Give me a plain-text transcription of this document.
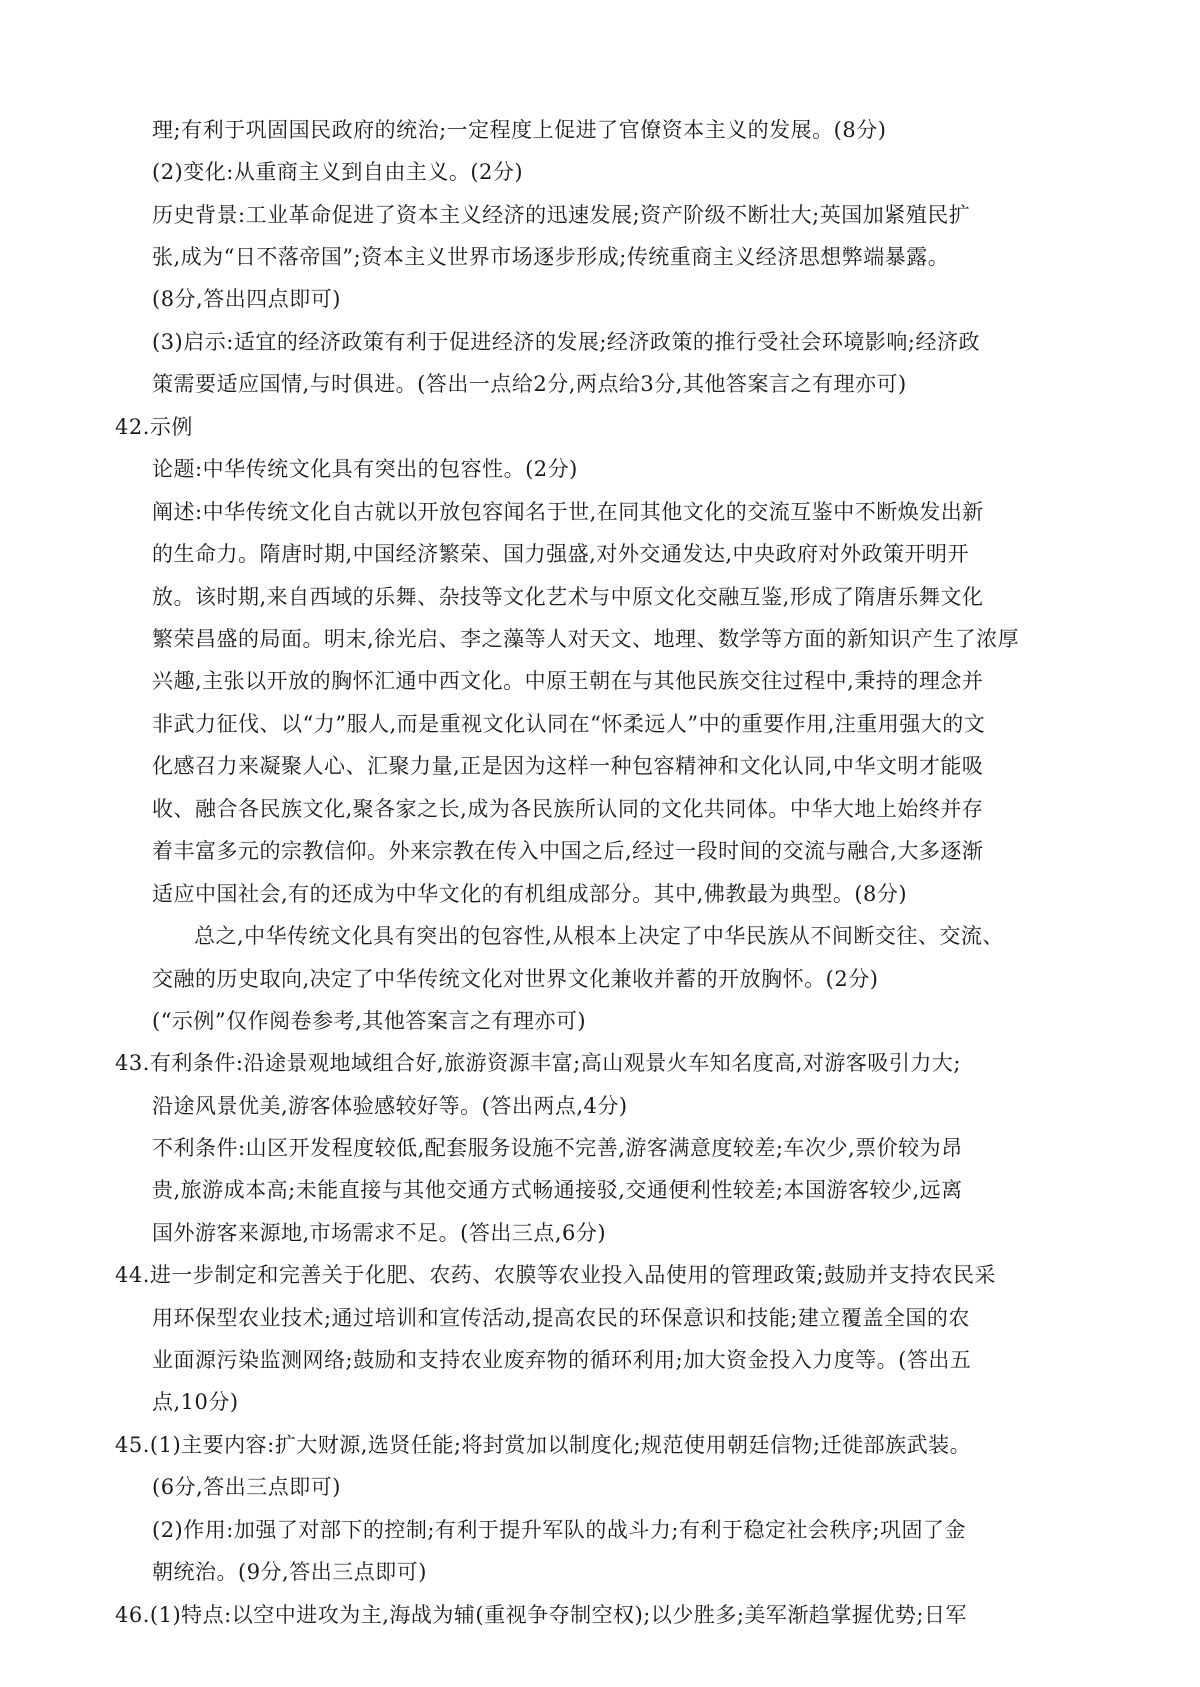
理;有利于巩固国民政府的统治;一定程度上促进了官僚资本主义的发展。(8分)
(2)变化:从重商主义到自由主义。(2分)
历史背景:工业革命促进了资本主义经济的迅速发展;资产阶级不断壮大;英国加紧殖民扩
张,成为“日不落帝国”;资本主义世界市场逐步形成;传统重商主义经济思想弊端暴露。
(8分,答出四点即可)
(3)启示:适宜的经济政策有利于促进经济的发展;经济政策的推行受社会环境影响;经济政
策需要适应国情,与时俱进。(答出一点给2分,两点给3分,其他答案言之有理亦可)
42.示例
论题:中华传统文化具有突出的包容性。(2分)
阐述:中华传统文化自古就以开放包容闻名于世,在同其他文化的交流互鉴中不断焕发出新
的生命力。隋唐时期,中国经济繁荣、国力强盛,对外交通发达,中央政府对外政策开明开
放。该时期,来自西域的乐舞、杂技等文化艺术与中原文化交融互鉴,形成了隋唐乐舞文化
繁荣昌盛的局面。明末,徐光启、李之藻等人对天文、地理、数学等方面的新知识产生了浓厚
兴趣,主张以开放的胸怀汇通中西文化。中原王朝在与其他民族交往过程中,秉持的理念并
非武力征伐、以“力”服人,而是重视文化认同在“怀柔远人”中的重要作用,注重用强大的文
化感召力来凝聚人心、汇聚力量,正是因为这样一种包容精神和文化认同,中华文明才能吸
收、融合各民族文化,聚各家之长,成为各民族所认同的文化共同体。中华大地上始终并存
着丰富多元的宗教信仰。外来宗教在传入中国之后,经过一段时间的交流与融合,大多逐渐
适应中国社会,有的还成为中华文化的有机组成部分。其中,佛教最为典型。(8分)
总之,中华传统文化具有突出的包容性,从根本上决定了中华民族从不间断交往、交流、
交融的历史取向,决定了中华传统文化对世界文化兼收并蓄的开放胸怀。(2分)
(“示例”仅作阅卷参考,其他答案言之有理亦可)
43.有利条件:沿途景观地域组合好,旅游资源丰富;高山观景火车知名度高,对游客吸引力大;
沿途风景优美,游客体验感较好等。(答出两点,4分)
不利条件:山区开发程度较低,配套服务设施不完善,游客满意度较差;车次少,票价较为昂
贵,旅游成本高;未能直接与其他交通方式畅通接驳,交通便利性较差;本国游客较少,远离
国外游客来源地,市场需求不足。(答出三点,6分)
44.进一步制定和完善关于化肥、农药、农膜等农业投入品使用的管理政策;鼓励并支持农民采
用环保型农业技术;通过培训和宣传活动,提高农民的环保意识和技能;建立覆盖全国的农
业面源污染监测网络;鼓励和支持农业废弃物的循环利用;加大资金投入力度等。(答出五
点,10分)
45.(1)主要内容:扩大财源,选贤任能;将封赏加以制度化;规范使用朝廷信物;迁徙部族武装。
(6分,答出三点即可)
(2)作用:加强了对部下的控制;有利于提升军队的战斗力;有利于稳定社会秩序;巩固了金
朝统治。(9分,答出三点即可)
46.(1)特点:以空中进攻为主,海战为辅(重视争夺制空权);以少胜多;美军渐趋掌握优势;日军
